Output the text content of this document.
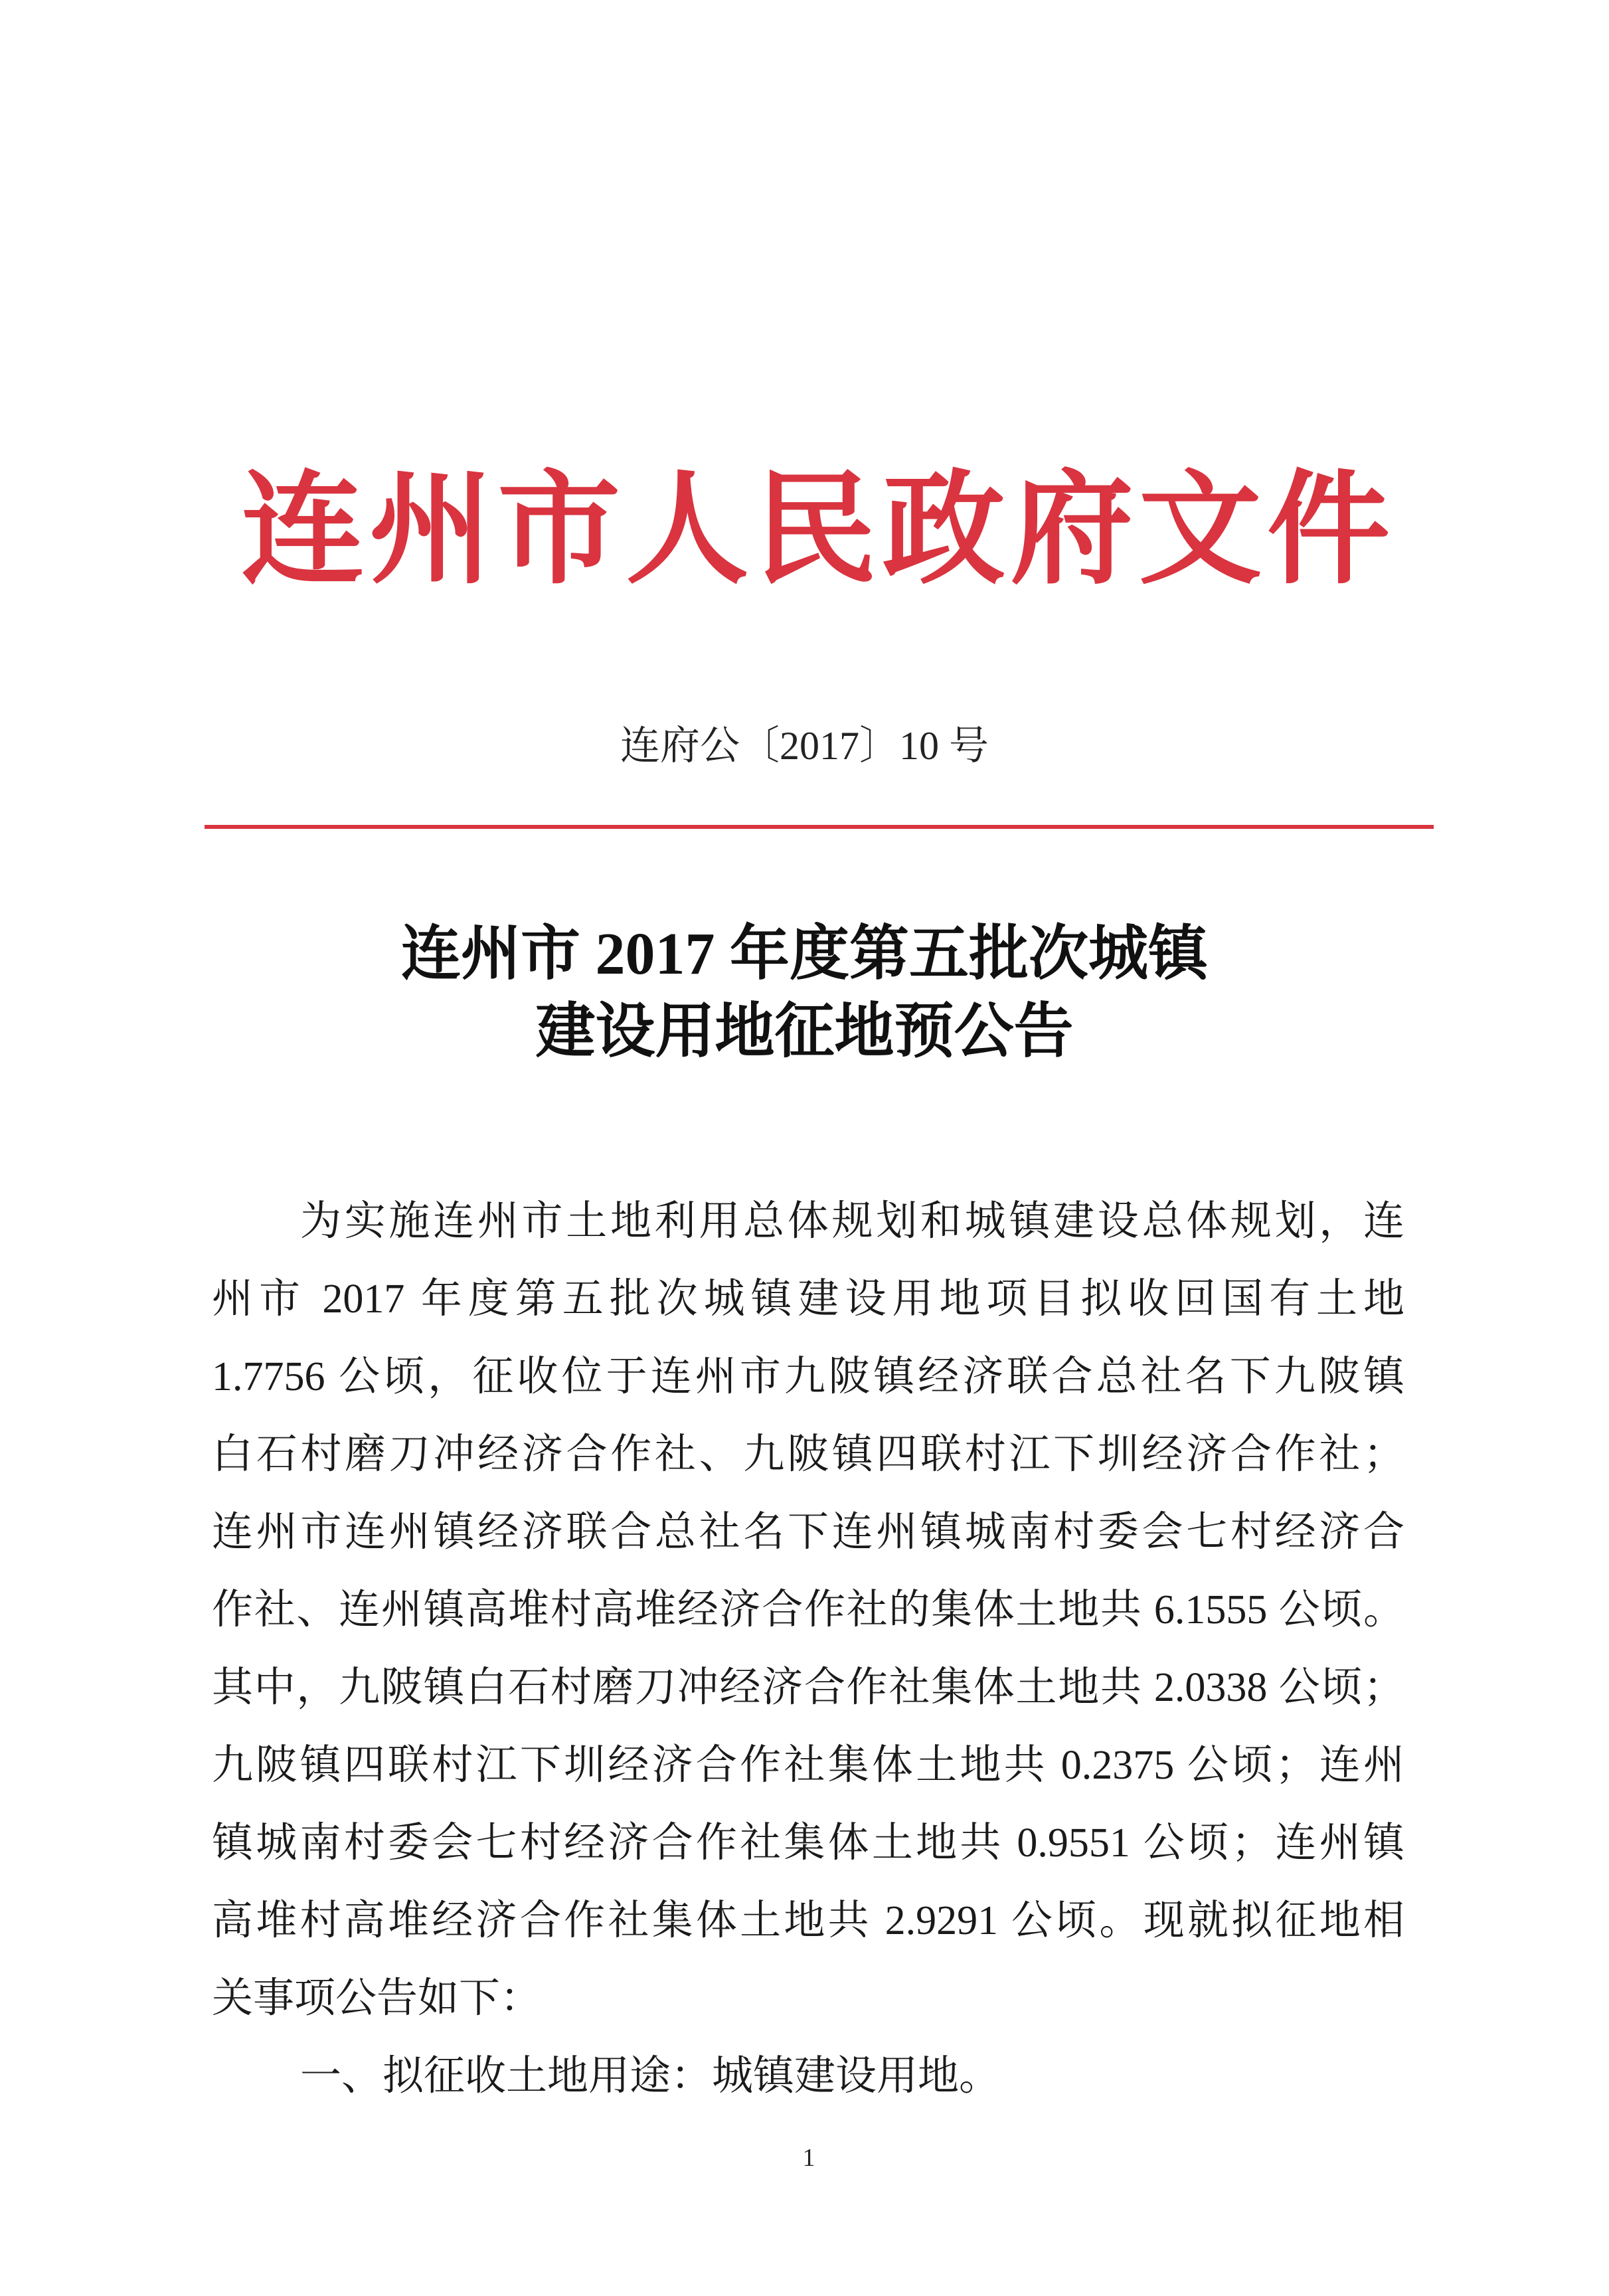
连州市人民政府文件
连府公〔2017〕10 号
连州市 2017 年度第五批次城镇
建设用地征地预公告
为实施连州市土地利用总体规划和城镇建设总体规划，连
州市 2017 年度第五批次城镇建设用地项目拟收回国有土地
1.7756 公顷，征收位于连州市九陂镇经济联合总社名下九陂镇
白石村磨刀冲经济合作社、九陂镇四联村江下圳经济合作社；
连州市连州镇经济联合总社名下连州镇城南村委会七村经济合
作社、连州镇高堆村高堆经济合作社的集体土地共 6.1555 公顷。
其中，九陂镇白石村磨刀冲经济合作社集体土地共 2.0338 公顷；
九陂镇四联村江下圳经济合作社集体土地共 0.2375 公顷；连州
镇城南村委会七村经济合作社集体土地共 0.9551 公顷；连州镇
高堆村高堆经济合作社集体土地共 2.9291 公顷。现就拟征地相
关事项公告如下：
一、拟征收土地用途：城镇建设用地。
1
